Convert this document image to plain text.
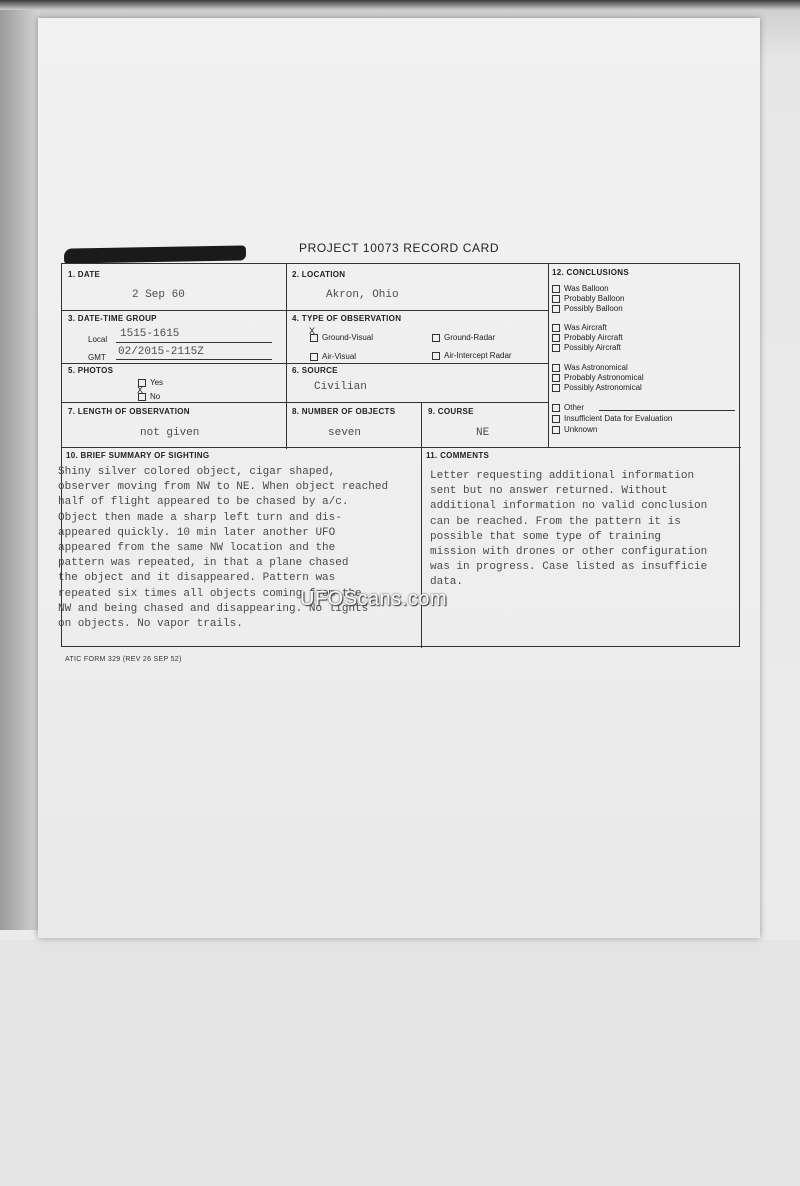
PROJECT 10073 RECORD CARD
1. DATE
2 Sep 60
2. LOCATION
Akron, Ohio
3. DATE-TIME GROUP
Local 1515-1615
GMT 02/2015-2115Z
4. TYPE OF OBSERVATION
Ground-Visual
X	Ground-Radar
Air-Visual	Air-Intercept Radar
5. PHOTOS
Yes
No
X
6. SOURCE
Civilian
7. LENGTH OF OBSERVATION
not given
8. NUMBER OF OBJECTS
seven
9. COURSE
NE
10. BRIEF SUMMARY OF SIGHTING
Shiny silver colored object, cigar shaped,
observer moving from NW to NE. When object reached
half of flight appeared to be chased by a/c.
Object then made a sharp left turn and dis-
appeared quickly. 10 min later another UFO
appeared from the same NW location and the
pattern was repeated, in that a plane chased
the object and it disappeared. Pattern was
repeated six times all objects coming from the
NW and being chased and disappearing. No lights
on objects. No vapor trails.
11. COMMENTS
Letter requesting additional information
sent but no answer returned. Without
additional information no valid conclusion
can be reached. From the pattern it is
possible that some type of training
mission with drones or other configuration
was in progress. Case listed as insufficie
data.
12. CONCLUSIONS
Was Balloon
Probably Balloon
Possibly Balloon
Was Aircraft
Probably Aircraft
Possibly Aircraft
Was Astronomical
Probably Astronomical
Possibly Astronomical
Other
Insufficient Data for Evaluation
Unknown
ATIC FORM 329 (REV 26 SEP 52)
UFOScans.com
